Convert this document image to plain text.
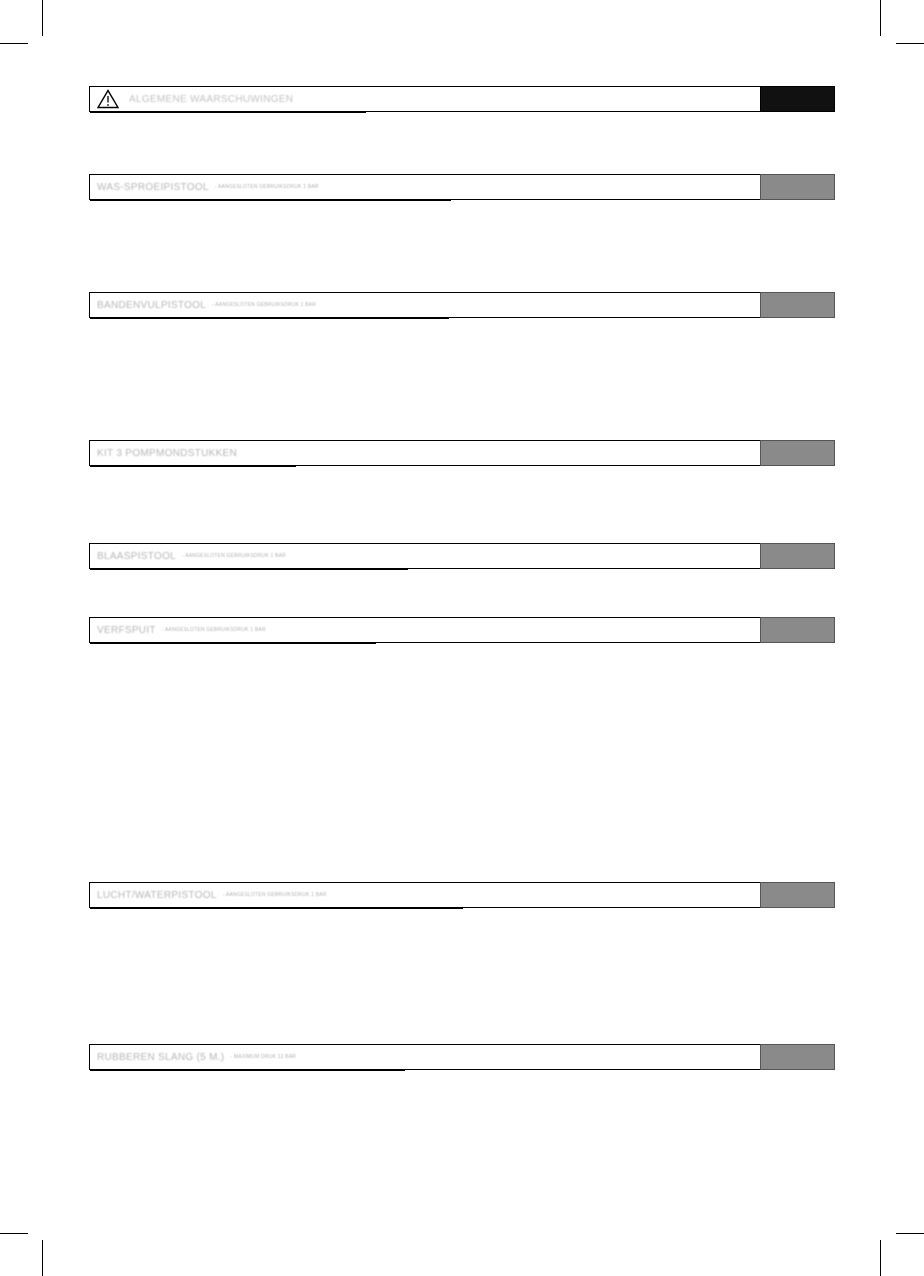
ALGEMENE WAARSCHUWINGEN
WAS-SPROEIPISTOOL - AANGESLOTEN GEBRUIKSDRUK 1 BAR
BANDENVULPISTOOL - AANGESLOTEN GEBRUIKSDRUK 1 BAR
KIT 3 POMPMONDSTUKKEN
BLAASPISTOOL - AANGESLOTEN GEBRUIKSDRUK 1 BAR
VERFSPUIT - AANGESLOTEN GEBRUIKSDRUK 1 BAR
LUCHT/WATERPISTOOL - AANGESLOTEN GEBRUIKSDRUK 1 BAR
RUBBEREN SLANG (5 M.) - MAXIMUM DRUK 12 BAR
